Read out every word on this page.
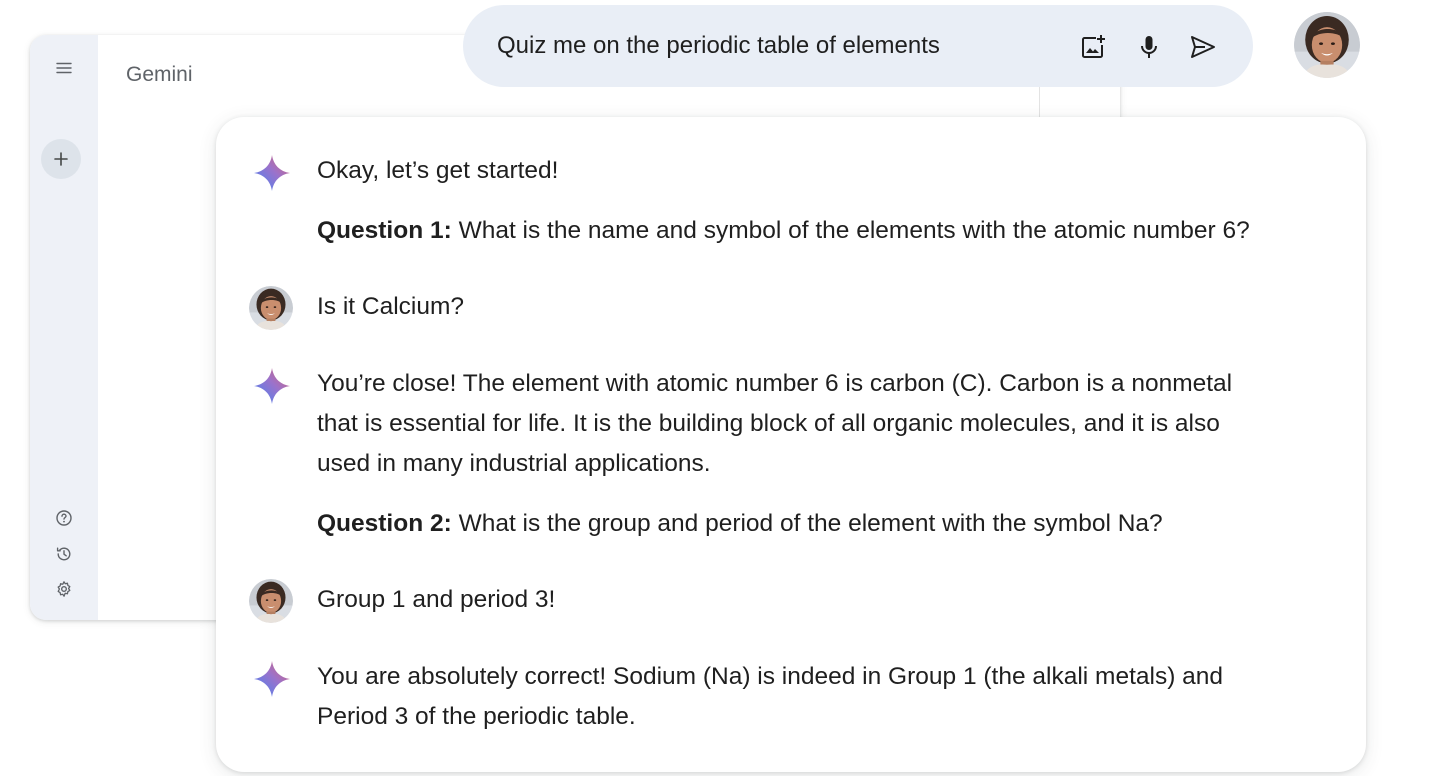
Gemini
Quiz me on the periodic table of elements
Okay, let’s get started!
Question 1: What is the name and symbol of the elements with the atomic number 6?
Is it Calcium?
You’re close! The element with atomic number 6 is carbon (C). Carbon is a nonmetal
that is essential for life. It is the building block of all organic molecules, and it is also
used in many industrial applications.
Question 2: What is the group and period of the element with the symbol Na?
Group 1 and period 3!
You are absolutely correct! Sodium (Na) is indeed in Group 1 (the alkali metals) and
Period 3 of the periodic table.
